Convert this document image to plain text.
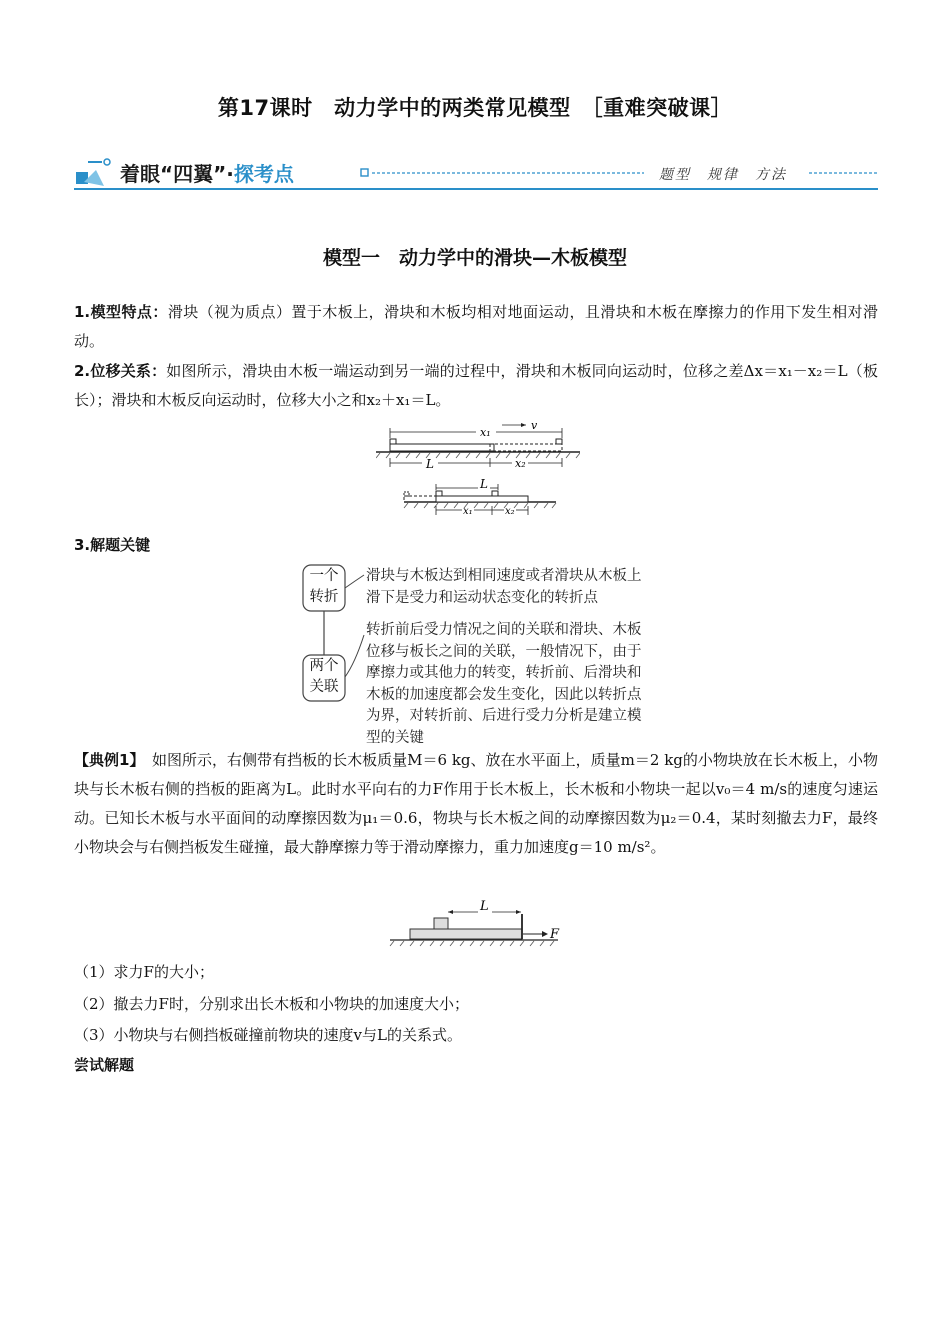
第17课时　动力学中的两类常见模型　［重难突破课］
着眼“四翼”·探考点	题型　规律　方法
模型一　动力学中的滑块—木板模型
1.模型特点：滑块（视为质点）置于木板上，滑块和木板均相对地面运动，且滑块和木板在摩擦力的作用下发生相对滑动。
2.位移关系：如图所示，滑块由木板一端运动到另一端的过程中，滑块和木板同向运动时，位移之差Δx＝x₁－x₂＝L（板长）；滑块和木板反向运动时，位移大小之和x₂＋x₁＝L。
x₁
v
L	x₂
L
x₁	x₂
3.解题关键
一个
转折
两个
关联
滑块与木板达到相同速度或者滑块从木板上滑下是受力和运动状态变化的转折点
转折前后受力情况之间的关联和滑块、木板位移与板长之间的关联，一般情况下，由于摩擦力或其他力的转变，转折前、后滑块和木板的加速度都会发生变化，因此以转折点为界，对转折前、后进行受力分析是建立模型的关键
【典例1】　 如图所示，右侧带有挡板的长木板质量M＝6 kg、放在水平面上，质量m＝2 kg的小物块放在长木板上，小物块与长木板右侧的挡板的距离为L。此时水平向右的力F作用于长木板上，长木板和小物块一起以v₀＝4 m/s的速度匀速运动。已知长木板与水平面间的动摩擦因数为μ₁＝0.6，物块与长木板之间的动摩擦因数为μ₂＝0.4，某时刻撤去力F，最终小物块会与右侧挡板发生碰撞，最大静摩擦力等于滑动摩擦力，重力加速度g＝10 m/s²。
L
F
（1）求力F的大小；
（2）撤去力F时，分别求出长木板和小物块的加速度大小；
（3）小物块与右侧挡板碰撞前物块的速度v与L的关系式。
尝试解题
